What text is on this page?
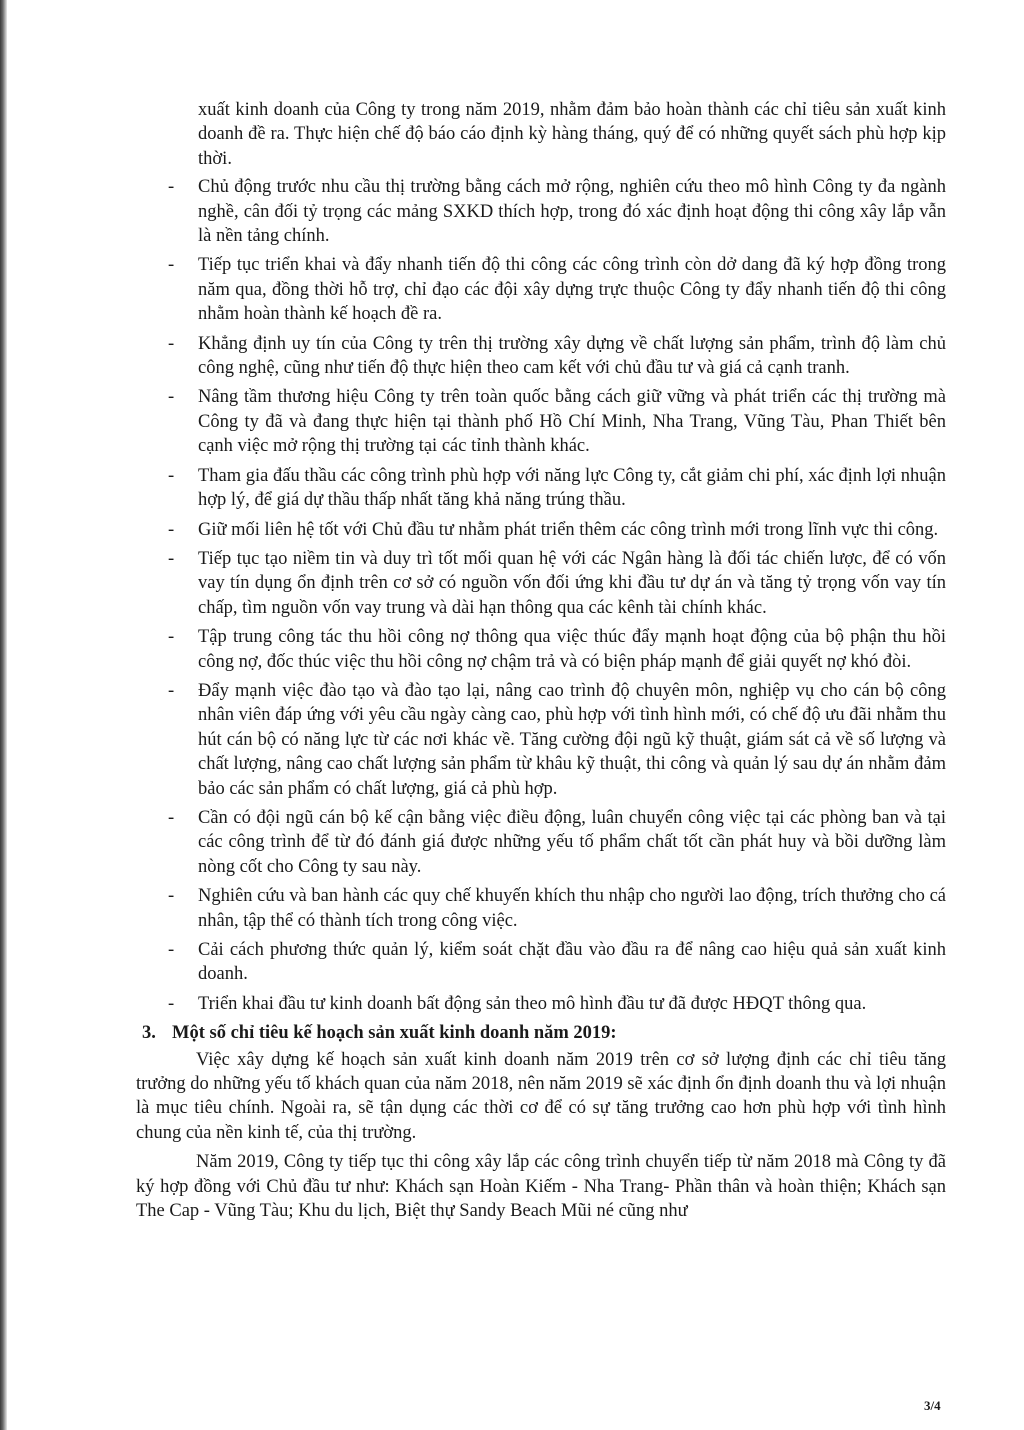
xuất kinh doanh của Công ty trong năm 2019, nhằm đảm bảo hoàn thành các chỉ tiêu sản xuất kinh doanh đề ra. Thực hiện chế độ báo cáo định kỳ hàng tháng, quý để có những quyết sách phù hợp kịp thời.

- Chủ động trước nhu cầu thị trường bằng cách mở rộng, nghiên cứu theo mô hình Công ty đa ngành nghề, cân đối tỷ trọng các mảng SXKD thích hợp, trong đó xác định hoạt động thi công xây lắp vẫn là nền tảng chính.
- Tiếp tục triển khai và đẩy nhanh tiến độ thi công các công trình còn dở dang đã ký hợp đồng trong năm qua, đồng thời hỗ trợ, chỉ đạo các đội xây dựng trực thuộc Công ty đẩy nhanh tiến độ thi công nhằm hoàn thành kế hoạch đề ra.
- Khẳng định uy tín của Công ty trên thị trường xây dựng về chất lượng sản phẩm, trình độ làm chủ công nghệ, cũng như tiến độ thực hiện theo cam kết với chủ đầu tư và giá cả cạnh tranh.
- Nâng tầm thương hiệu Công ty trên toàn quốc bằng cách giữ vững và phát triển các thị trường mà Công ty đã và đang thực hiện tại thành phố Hồ Chí Minh, Nha Trang, Vũng Tàu, Phan Thiết bên cạnh việc mở rộng thị trường tại các tỉnh thành khác.
- Tham gia đấu thầu các công trình phù hợp với năng lực Công ty, cắt giảm chi phí, xác định lợi nhuận hợp lý, để giá dự thầu thấp nhất tăng khả năng trúng thầu.
- Giữ mối liên hệ tốt với Chủ đầu tư nhằm phát triển thêm các công trình mới trong lĩnh vực thi công.
- Tiếp tục tạo niềm tin và duy trì tốt mối quan hệ với các Ngân hàng là đối tác chiến lược, để có vốn vay tín dụng ổn định trên cơ sở có nguồn vốn đối ứng khi đầu tư dự án và tăng tỷ trọng vốn vay tín chấp, tìm nguồn vốn vay trung và dài hạn thông qua các kênh tài chính khác.
- Tập trung công tác thu hồi công nợ thông qua việc thúc đẩy mạnh hoạt động của bộ phận thu hồi công nợ, đốc thúc việc thu hồi công nợ chậm trả và có biện pháp mạnh để giải quyết nợ khó đòi.
- Đẩy mạnh việc đào tạo và đào tạo lại, nâng cao trình độ chuyên môn, nghiệp vụ cho cán bộ công nhân viên đáp ứng với yêu cầu ngày càng cao, phù hợp với tình hình mới, có chế độ ưu đãi nhằm thu hút cán bộ có năng lực từ các nơi khác về. Tăng cường đội ngũ kỹ thuật, giám sát cả về số lượng và chất lượng, nâng cao chất lượng sản phẩm từ khâu kỹ thuật, thi công và quản lý sau dự án nhằm đảm bảo các sản phẩm có chất lượng, giá cả phù hợp.
- Cần có đội ngũ cán bộ kế cận bằng việc điều động, luân chuyển công việc tại các phòng ban và tại các công trình để từ đó đánh giá được những yếu tố phẩm chất tốt cần phát huy và bồi dưỡng làm nòng cốt cho Công ty sau này.
- Nghiên cứu và ban hành các quy chế khuyến khích thu nhập cho người lao động, trích thưởng cho cá nhân, tập thể có thành tích trong công việc.
- Cải cách phương thức quản lý, kiểm soát chặt đầu vào đầu ra để nâng cao hiệu quả sản xuất kinh doanh.
- Triển khai đầu tư kinh doanh bất động sản theo mô hình đầu tư đã được HĐQT thông qua.
3. Một số chỉ tiêu kế hoạch sản xuất kinh doanh năm 2019:

Việc xây dựng kế hoạch sản xuất kinh doanh năm 2019 trên cơ sở lượng định các chỉ tiêu tăng trưởng do những yếu tố khách quan của năm 2018, nên năm 2019 sẽ xác định ổn định doanh thu và lợi nhuận là mục tiêu chính. Ngoài ra, sẽ tận dụng các thời cơ để có sự tăng trưởng cao hơn phù hợp với tình hình chung của nền kinh tế, của thị trường.

Năm 2019, Công ty tiếp tục thi công xây lắp các công trình chuyển tiếp từ năm 2018 mà Công ty đã ký hợp đồng với Chủ đầu tư như: Khách sạn Hoàn Kiếm - Nha Trang- Phần thân và hoàn thiện; Khách sạn The Cap - Vũng Tàu; Khu du lịch, Biệt thự Sandy Beach Mũi né cũng như

3/4
